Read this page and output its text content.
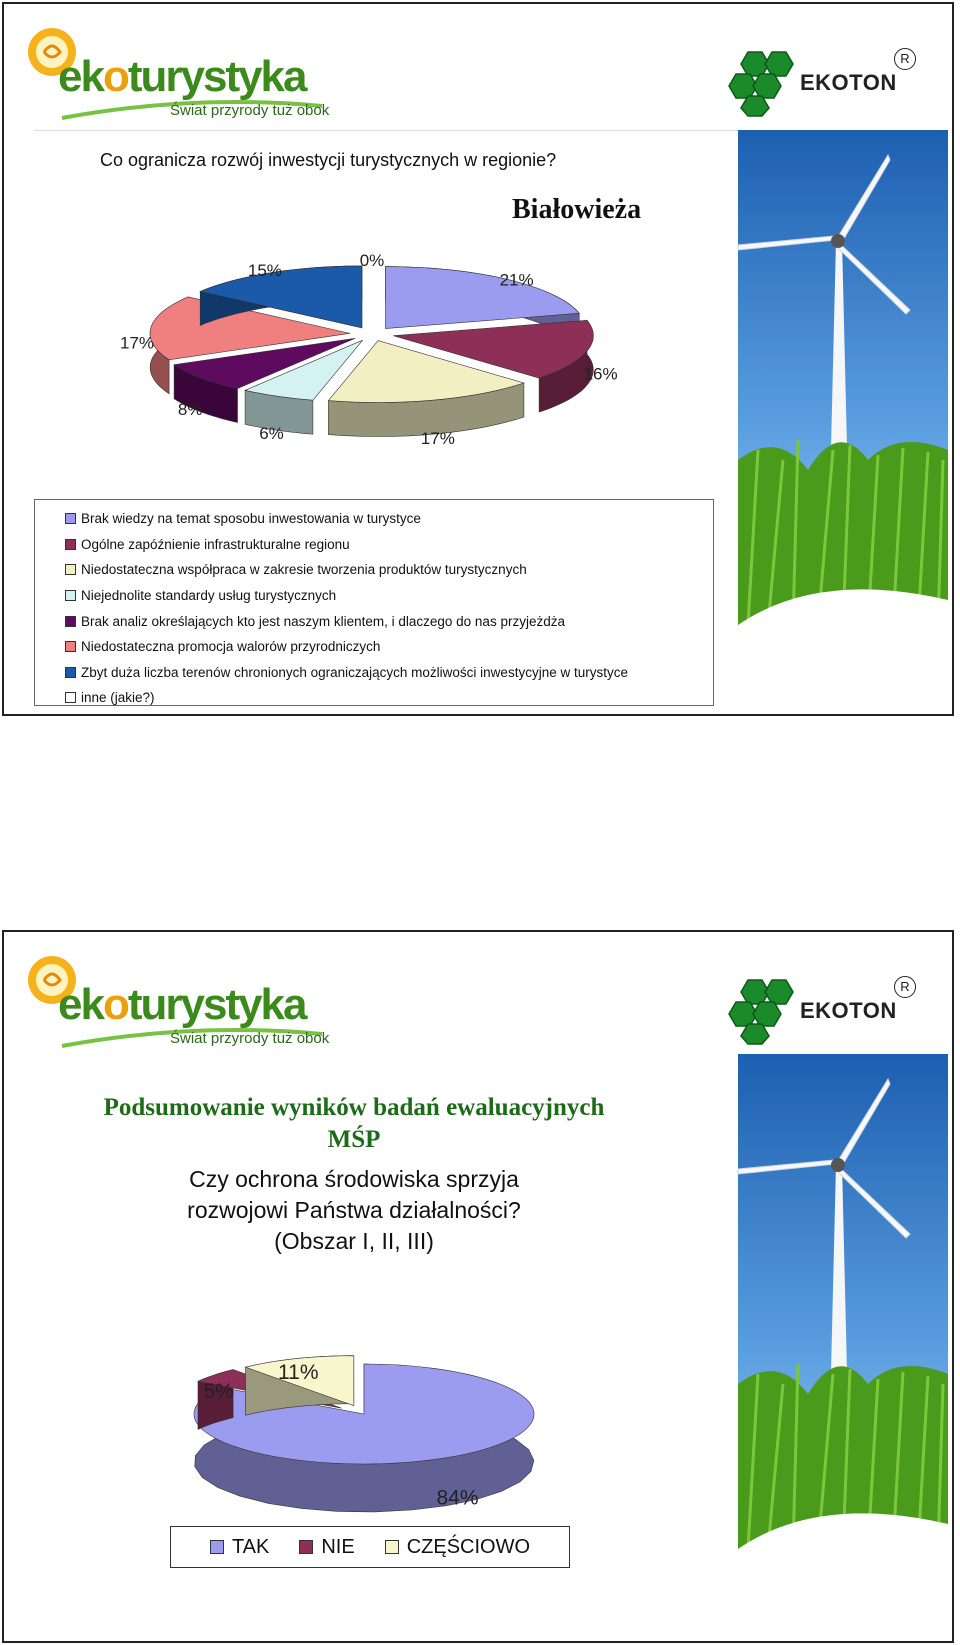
ekoturystyka
Świat przyrody tuż obok
EKOTON
R
Co ogranicza rozwój inwestycji turystycznych w regionie?
Białowieża
21%
16%
17%
6%
8%
17%
15%
0%
Brak wiedzy na temat sposobu inwestowania w turystyce
Ogólne zapóźnienie infrastrukturalne regionu
Niedostateczna współpraca w zakresie tworzenia produktów turystycznych
Niejednolite standardy usług turystycznych
Brak analiz określających kto jest naszym klientem, i dlaczego do nas przyjeżdża
Niedostateczna promocja walorów przyrodniczych
Zbyt duża liczba terenów chronionych ograniczających możliwości inwestycyjne w turystyce
inne (jakie?)
ekoturystyka
Świat przyrody tuż obok
EKOTON
R
Podsumowanie wyników badań ewaluacyjnych
MŚP
Czy ochrona środowiska sprzyja
rozwojowi Państwa działalności?
(Obszar I, II, III)
84%
5%
11%
TAK	NIE	CZĘŚCIOWO
